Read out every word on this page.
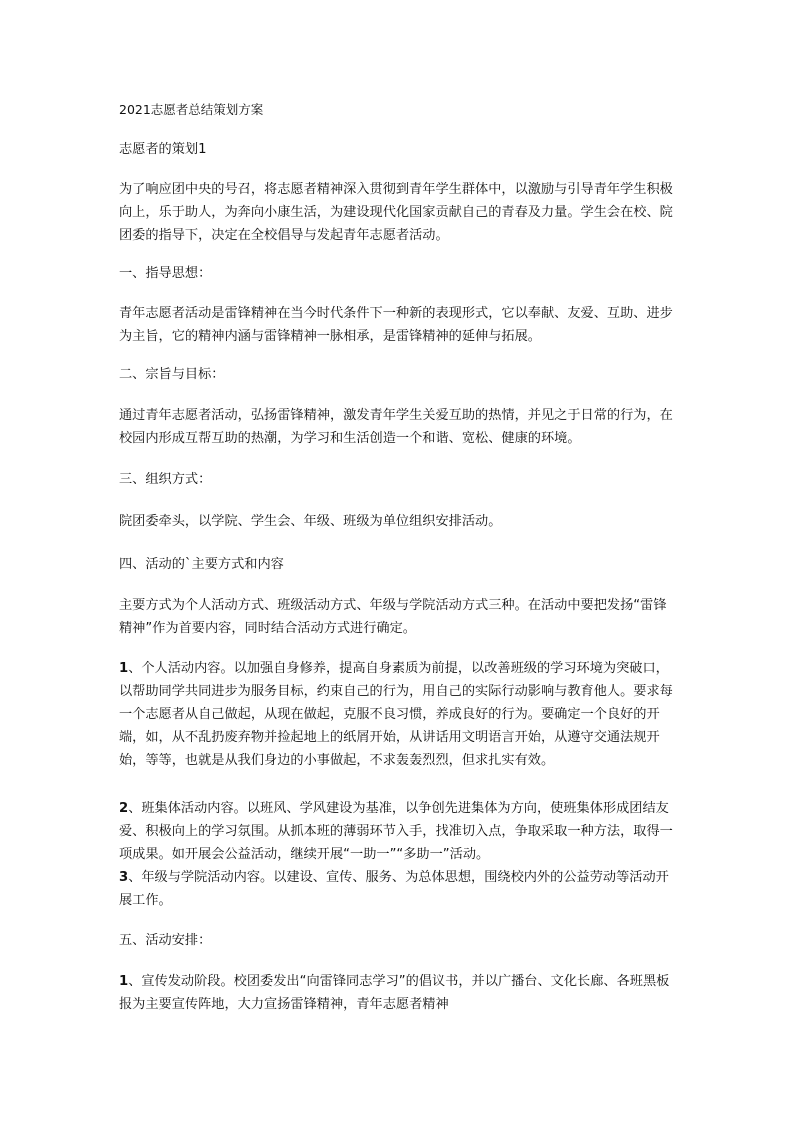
2021志愿者总结策划方案

志愿者的策划1

为了响应团中央的号召，将志愿者精神深入贯彻到青年学生群体中，以激励与引导青年学生积极向上，乐于助人，为奔向小康生活，为建设现代化国家贡献自己的青春及力量。学生会在校、院团委的指导下，决定在全校倡导与发起青年志愿者活动。

一、指导思想：

青年志愿者活动是雷锋精神在当今时代条件下一种新的表现形式，它以奉献、友爱、互助、进步为主旨，它的精神内涵与雷锋精神一脉相承，是雷锋精神的延伸与拓展。

二、宗旨与目标：

通过青年志愿者活动，弘扬雷锋精神，激发青年学生关爱互助的热情，并见之于日常的行为，在校园内形成互帮互助的热潮，为学习和生活创造一个和谐、宽松、健康的环境。

三、组织方式：

院团委牵头，以学院、学生会、年级、班级为单位组织安排活动。

四、活动的`主要方式和内容

主要方式为个人活动方式、班级活动方式、年级与学院活动方式三种。在活动中要把发扬“雷锋精神”作为首要内容，同时结合活动方式进行确定。

1、个人活动内容。以加强自身修养，提高自身素质为前提，以改善班级的学习环境为突破口，以帮助同学共同进步为服务目标，约束自己的行为，用自己的实际行动影响与教育他人。要求每一个志愿者从自己做起，从现在做起，克服不良习惯，养成良好的行为。要确定一个良好的开端，如，从不乱扔废弃物并捡起地上的纸屑开始，从讲话用文明语言开始，从遵守交通法规开始，等等，也就是从我们身边的小事做起，不求轰轰烈烈，但求扎实有效。

2、班集体活动内容。以班风、学风建设为基准，以争创先进集体为方向，使班集体形成团结友爱、积极向上的学习氛围。从抓本班的薄弱环节入手，找准切入点，争取采取一种方法，取得一项成果。如开展会公益活动，继续开展“一助一”“多助一”活动。

3、年级与学院活动内容。以建设、宣传、服务、为总体思想，围绕校内外的公益劳动等活动开展工作。

五、活动安排：

1、宣传发动阶段。校团委发出“向雷锋同志学习”的倡议书，并以广播台、文化长廊、各班黑板报为主要宣传阵地，大力宣扬雷锋精神，青年志愿者精神
